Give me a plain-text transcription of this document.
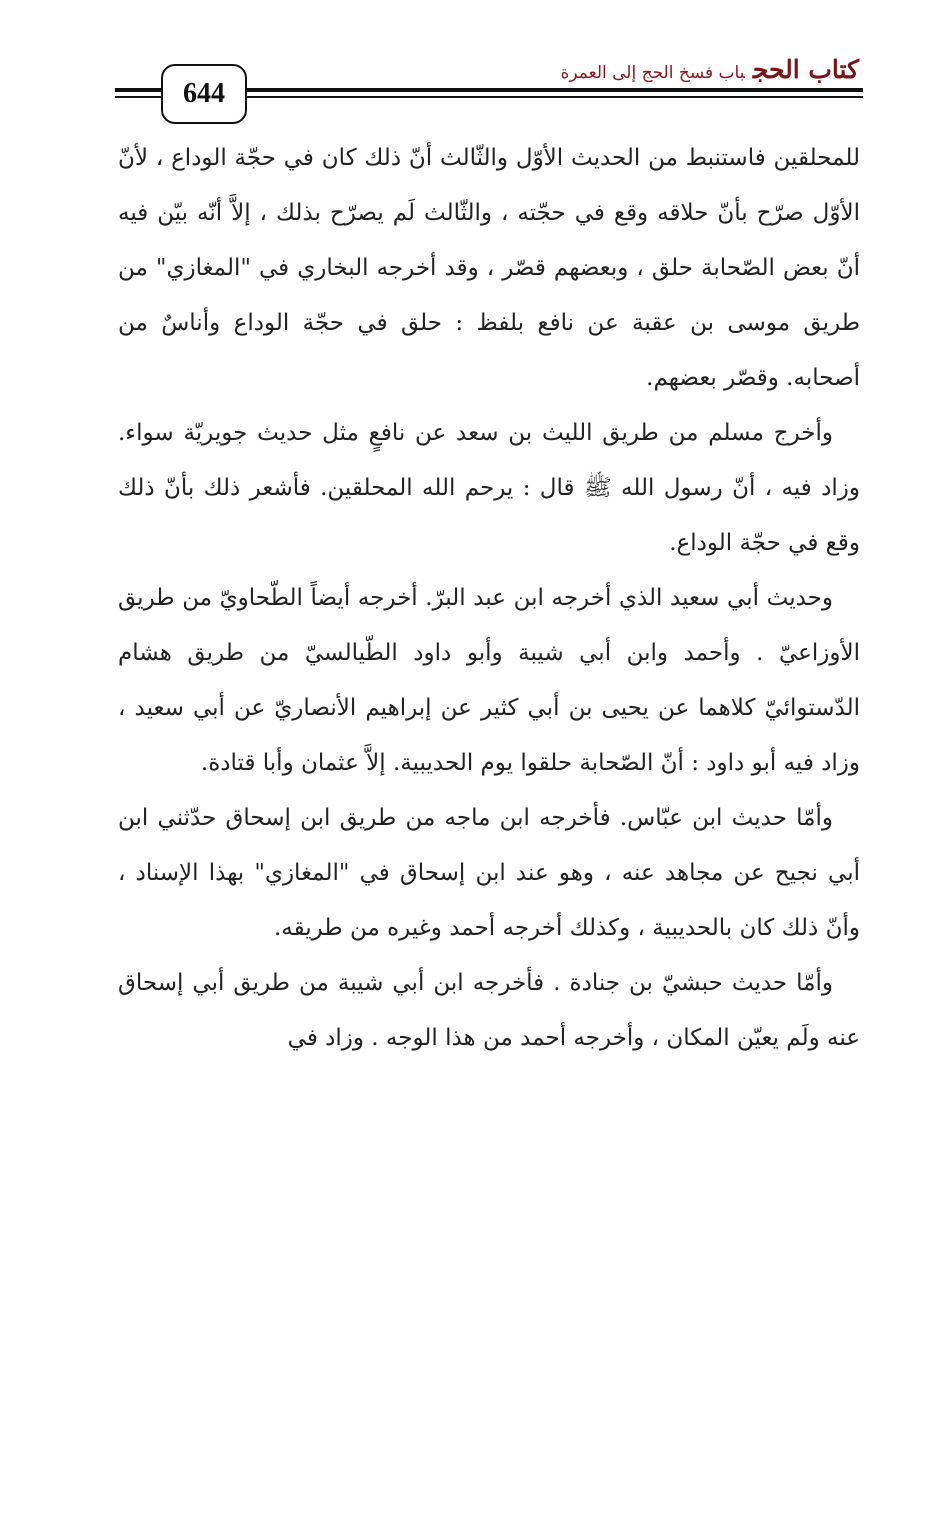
كتاب الحجباب فسخ الحج إلى العمرة
644

للمحلقين فاستنبط من الحديث الأوّل والثّالث أنّ ذلك كان في حجّة الوداع ، لأنّ الأوّل صرّح بأنّ حلاقه وقع في حجّته ، والثّالث لَم يصرّح بذلك ، إلاَّ أنّه بيّن فيه أنّ بعض الصّحابة حلق ، وبعضهم قصّر ، وقد أخرجه البخاري في "المغازي" من طريق موسى بن عقبة عن نافع بلفظ : حلق في حجّة الوداع وأناسٌ من أصحابه. وقصّر بعضهم.

وأخرج مسلم من طريق الليث بن سعد عن نافعٍ مثل حديث جويريّة سواء. وزاد فيه ، أنّ رسول الله ﷺ قال : يرحم الله المحلقين. فأشعر ذلك بأنّ ذلك وقع في حجّة الوداع.

وحديث أبي سعيد الذي أخرجه ابن عبد البرّ. أخرجه أيضاً الطّحاويّ من طريق الأوزاعيّ . وأحمد وابن أبي شيبة وأبو داود الطّيالسيّ من طريق هشام الدّستوائيّ كلاهما عن يحيى بن أبي كثير عن إبراهيم الأنصاريّ عن أبي سعيد ، وزاد فيه أبو داود : أنّ الصّحابة حلقوا يوم الحديبية. إلاَّ عثمان وأبا قتادة.

وأمّا حديث ابن عبّاس. فأخرجه ابن ماجه من طريق ابن إسحاق حدّثني ابن أبي نجيح عن مجاهد عنه ، وهو عند ابن إسحاق في "المغازي" بهذا الإسناد ، وأنّ ذلك كان بالحديبية ، وكذلك أخرجه أحمد وغيره من طريقه.

وأمّا حديث حبشيّ بن جنادة . فأخرجه ابن أبي شيبة من طريق أبي إسحاق عنه ولَم يعيّن المكان ، وأخرجه أحمد من هذا الوجه . وزاد في
